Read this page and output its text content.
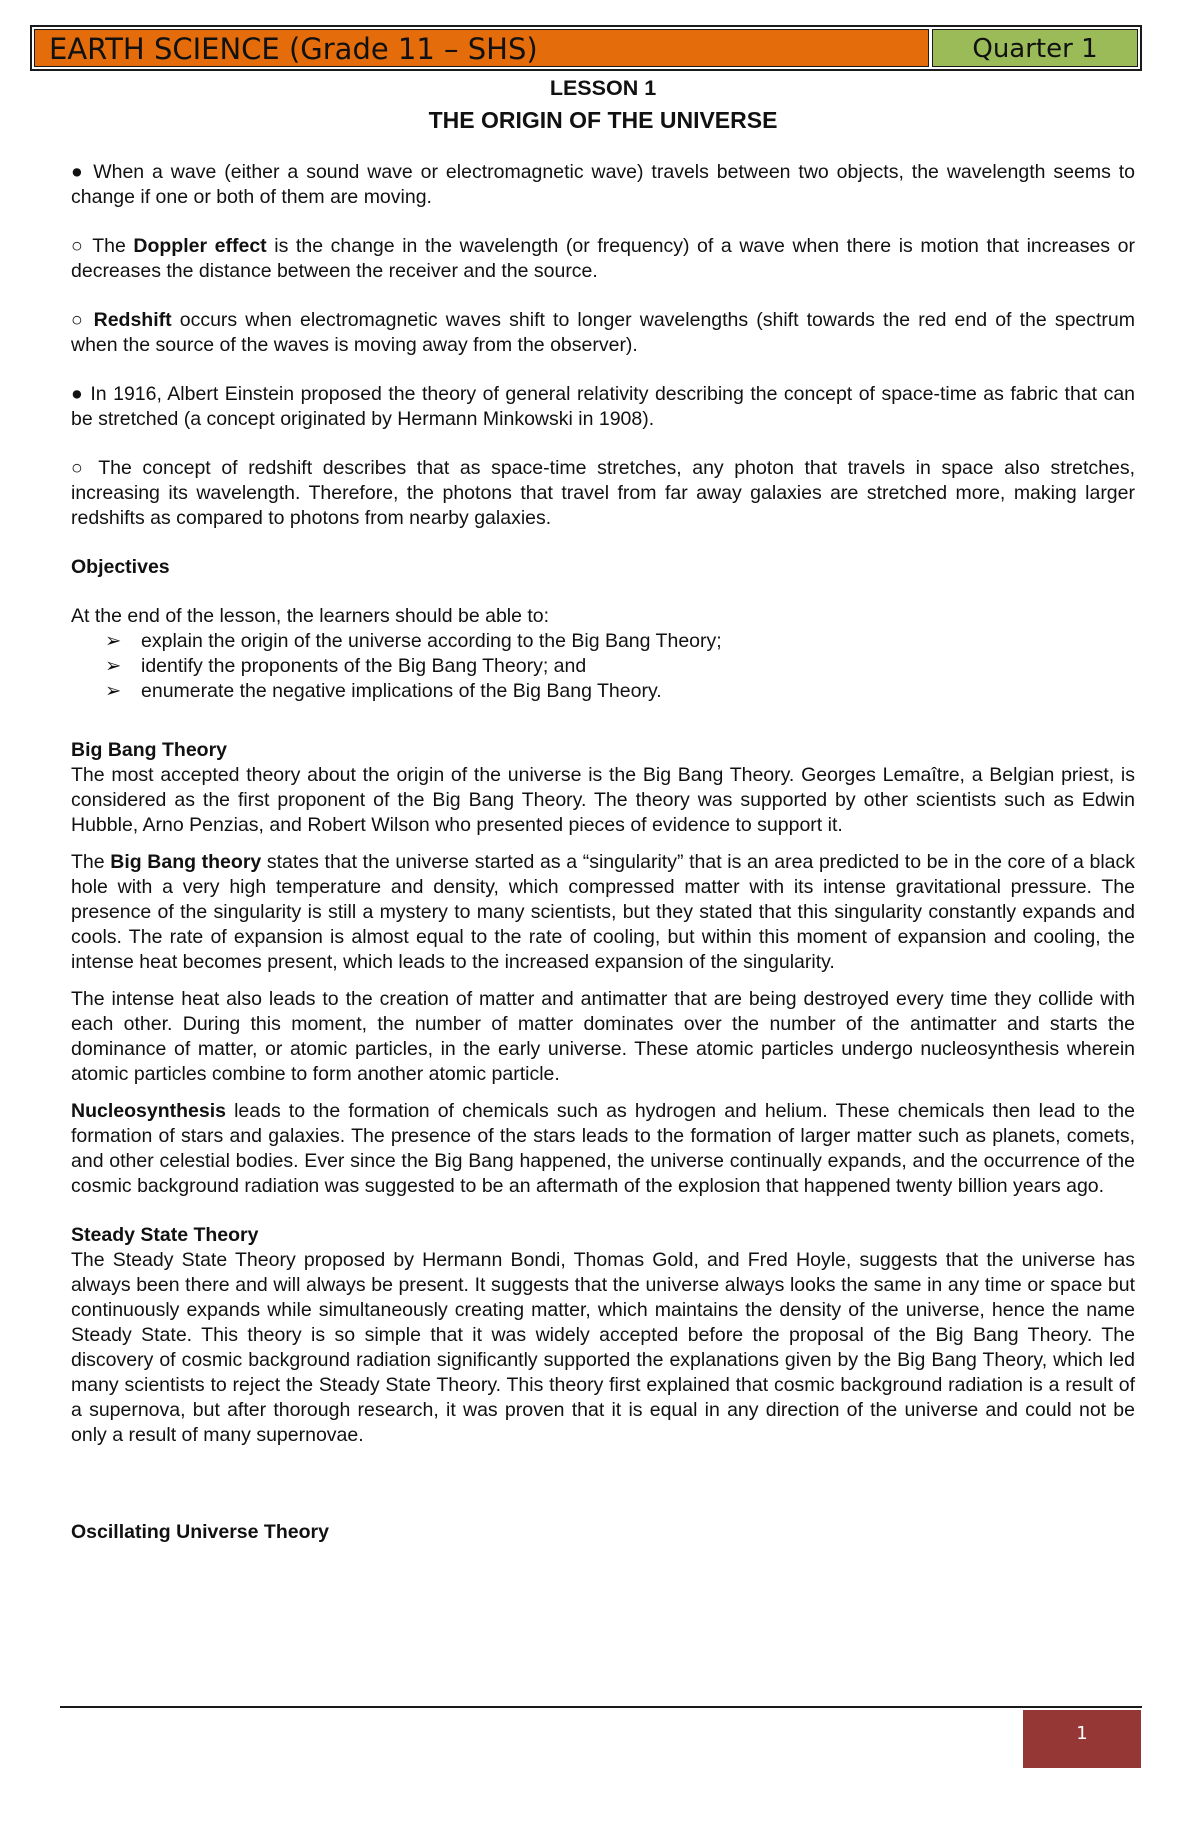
EARTH SCIENCE (Grade 11 – SHS)	Quarter 1
LESSON 1
THE ORIGIN OF THE UNIVERSE

● When a wave (either a sound wave or electromagnetic wave) travels between two objects, the wavelength seems to change if one or both of them are moving.

○ The Doppler effect is the change in the wavelength (or frequency) of a wave when there is motion that increases or decreases the distance between the receiver and the source.

○ Redshift occurs when electromagnetic waves shift to longer wavelengths (shift towards the red end of the spectrum when the source of the waves is moving away from the observer).

● In 1916, Albert Einstein proposed the theory of general relativity describing the concept of space-time as fabric that can be stretched (a concept originated by Hermann Minkowski in 1908).

○ The concept of redshift describes that as space-time stretches, any photon that travels in space also stretches, increasing its wavelength. Therefore, the photons that travel from far away galaxies are stretched more, making larger redshifts as compared to photons from nearby galaxies.

Objectives

At the end of the lesson, the learners should be able to:

➢ explain the origin of the universe according to the Big Bang Theory;
➢ identify the proponents of the Big Bang Theory; and
➢ enumerate the negative implications of the Big Bang Theory.

Big Bang Theory

The most accepted theory about the origin of the universe is the Big Bang Theory. Georges Lemaître, a Belgian priest, is considered as the first proponent of the Big Bang Theory. The theory was supported by other scientists such as Edwin Hubble, Arno Penzias, and Robert Wilson who presented pieces of evidence to support it.

The Big Bang theory states that the universe started as a “singularity” that is an area predicted to be in the core of a black hole with a very high temperature and density, which compressed matter with its intense gravitational pressure. The presence of the singularity is still a mystery to many scientists, but they stated that this singularity constantly expands and cools. The rate of expansion is almost equal to the rate of cooling, but within this moment of expansion and cooling, the intense heat becomes present, which leads to the increased expansion of the singularity.

The intense heat also leads to the creation of matter and antimatter that are being destroyed every time they collide with each other. During this moment, the number of matter dominates over the number of the antimatter and starts the dominance of matter, or atomic particles, in the early universe. These atomic particles undergo nucleosynthesis wherein atomic particles combine to form another atomic particle.

Nucleosynthesis leads to the formation of chemicals such as hydrogen and helium. These chemicals then lead to the formation of stars and galaxies. The presence of the stars leads to the formation of larger matter such as planets, comets, and other celestial bodies. Ever since the Big Bang happened, the universe continually expands, and the occurrence of the cosmic background radiation was suggested to be an aftermath of the explosion that happened twenty billion years ago.

Steady State Theory

The Steady State Theory proposed by Hermann Bondi, Thomas Gold, and Fred Hoyle, suggests that the universe has always been there and will always be present. It suggests that the universe always looks the same in any time or space but continuously expands while simultaneously creating matter, which maintains the density of the universe, hence the name Steady State. This theory is so simple that it was widely accepted before the proposal of the Big Bang Theory. The discovery of cosmic background radiation significantly supported the explanations given by the Big Bang Theory, which led many scientists to reject the Steady State Theory. This theory first explained that cosmic background radiation is a result of a supernova, but after thorough research, it was proven that it is equal in any direction of the universe and could not be only a result of many supernovae.

Oscillating Universe Theory

1
